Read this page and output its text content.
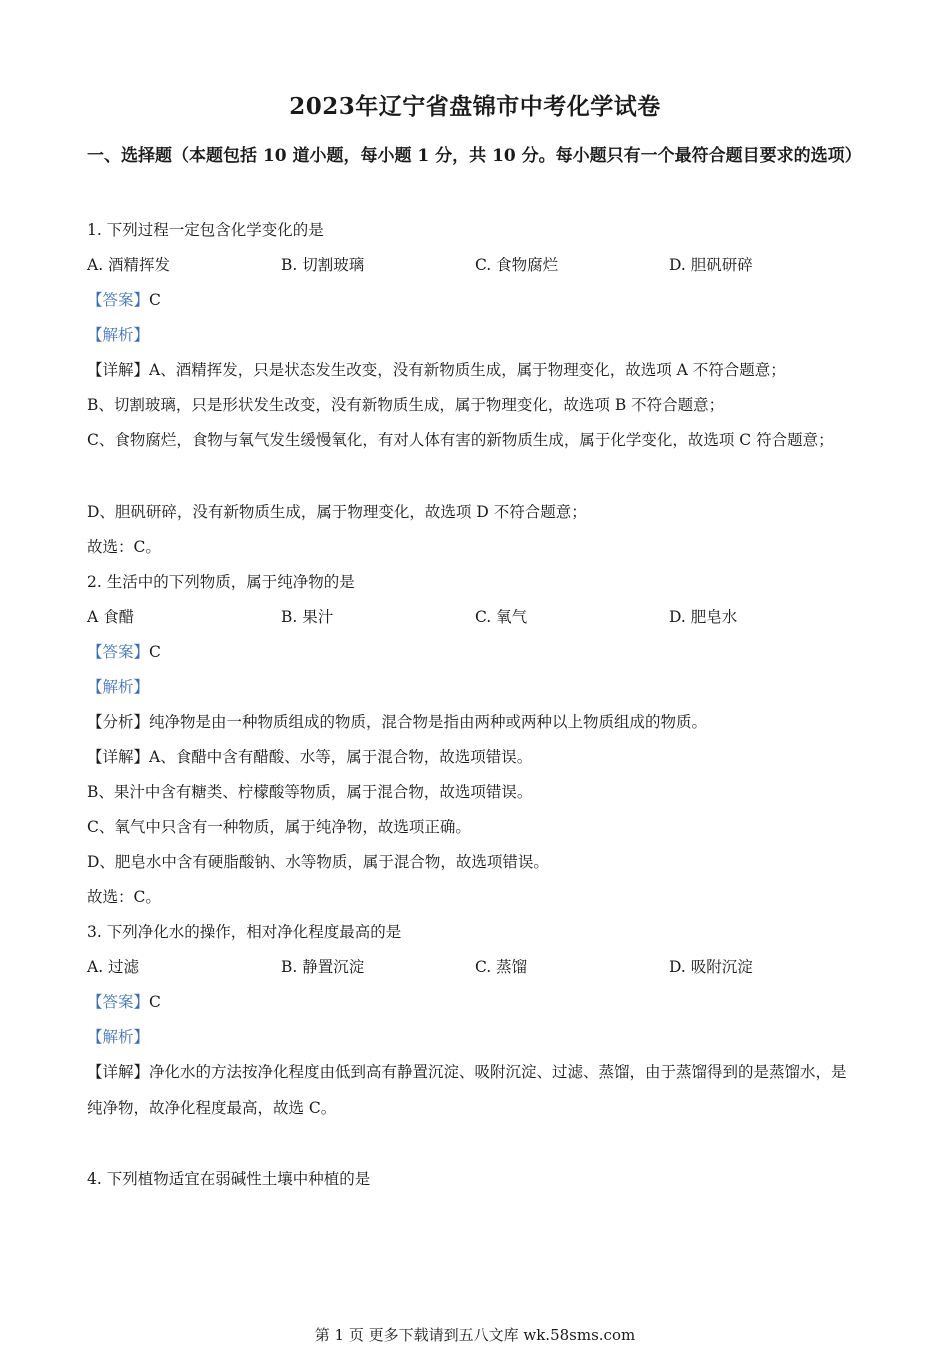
2023年辽宁省盘锦市中考化学试卷
一、选择题（本题包括 10 道小题，每小题 1 分，共 10 分。每小题只有一个最符合题目要求的选项）
1. 下列过程一定包含化学变化的是
A. 酒精挥发	B. 切割玻璃	C. 食物腐烂	D. 胆矾研碎
【答案】C
【解析】
【详解】A、酒精挥发，只是状态发生改变，没有新物质生成，属于物理变化，故选项 A 不符合题意；
B、切割玻璃，只是形状发生改变，没有新物质生成，属于物理变化，故选项 B 不符合题意；
C、食物腐烂，食物与氧气发生缓慢氧化，有对人体有害的新物质生成，属于化学变化，故选项 C 符合题意；
D、胆矾研碎，没有新物质生成，属于物理变化，故选项 D 不符合题意；
故选：C。
2. 生活中的下列物质，属于纯净物的是
A 食醋	B. 果汁	C. 氧气	D. 肥皂水
【答案】C
【解析】
【分析】纯净物是由一种物质组成的物质，混合物是指由两种或两种以上物质组成的物质。
【详解】A、食醋中含有醋酸、水等，属于混合物，故选项错误。
B、果汁中含有糖类、柠檬酸等物质，属于混合物，故选项错误。
C、氧气中只含有一种物质，属于纯净物，故选项正确。
D、肥皂水中含有硬脂酸钠、水等物质，属于混合物，故选项错误。
故选：C。
3. 下列净化水的操作，相对净化程度最高的是
A. 过滤	B. 静置沉淀	C. 蒸馏	D. 吸附沉淀
【答案】C
【解析】
【详解】净化水的方法按净化程度由低到高有静置沉淀、吸附沉淀、过滤、蒸馏，由于蒸馏得到的是蒸馏水，是纯净物，故净化程度最高，故选 C。
4. 下列植物适宜在弱碱性土壤中种植的是
第 1 页 更多下载请到五八文库 wk.58sms.com
